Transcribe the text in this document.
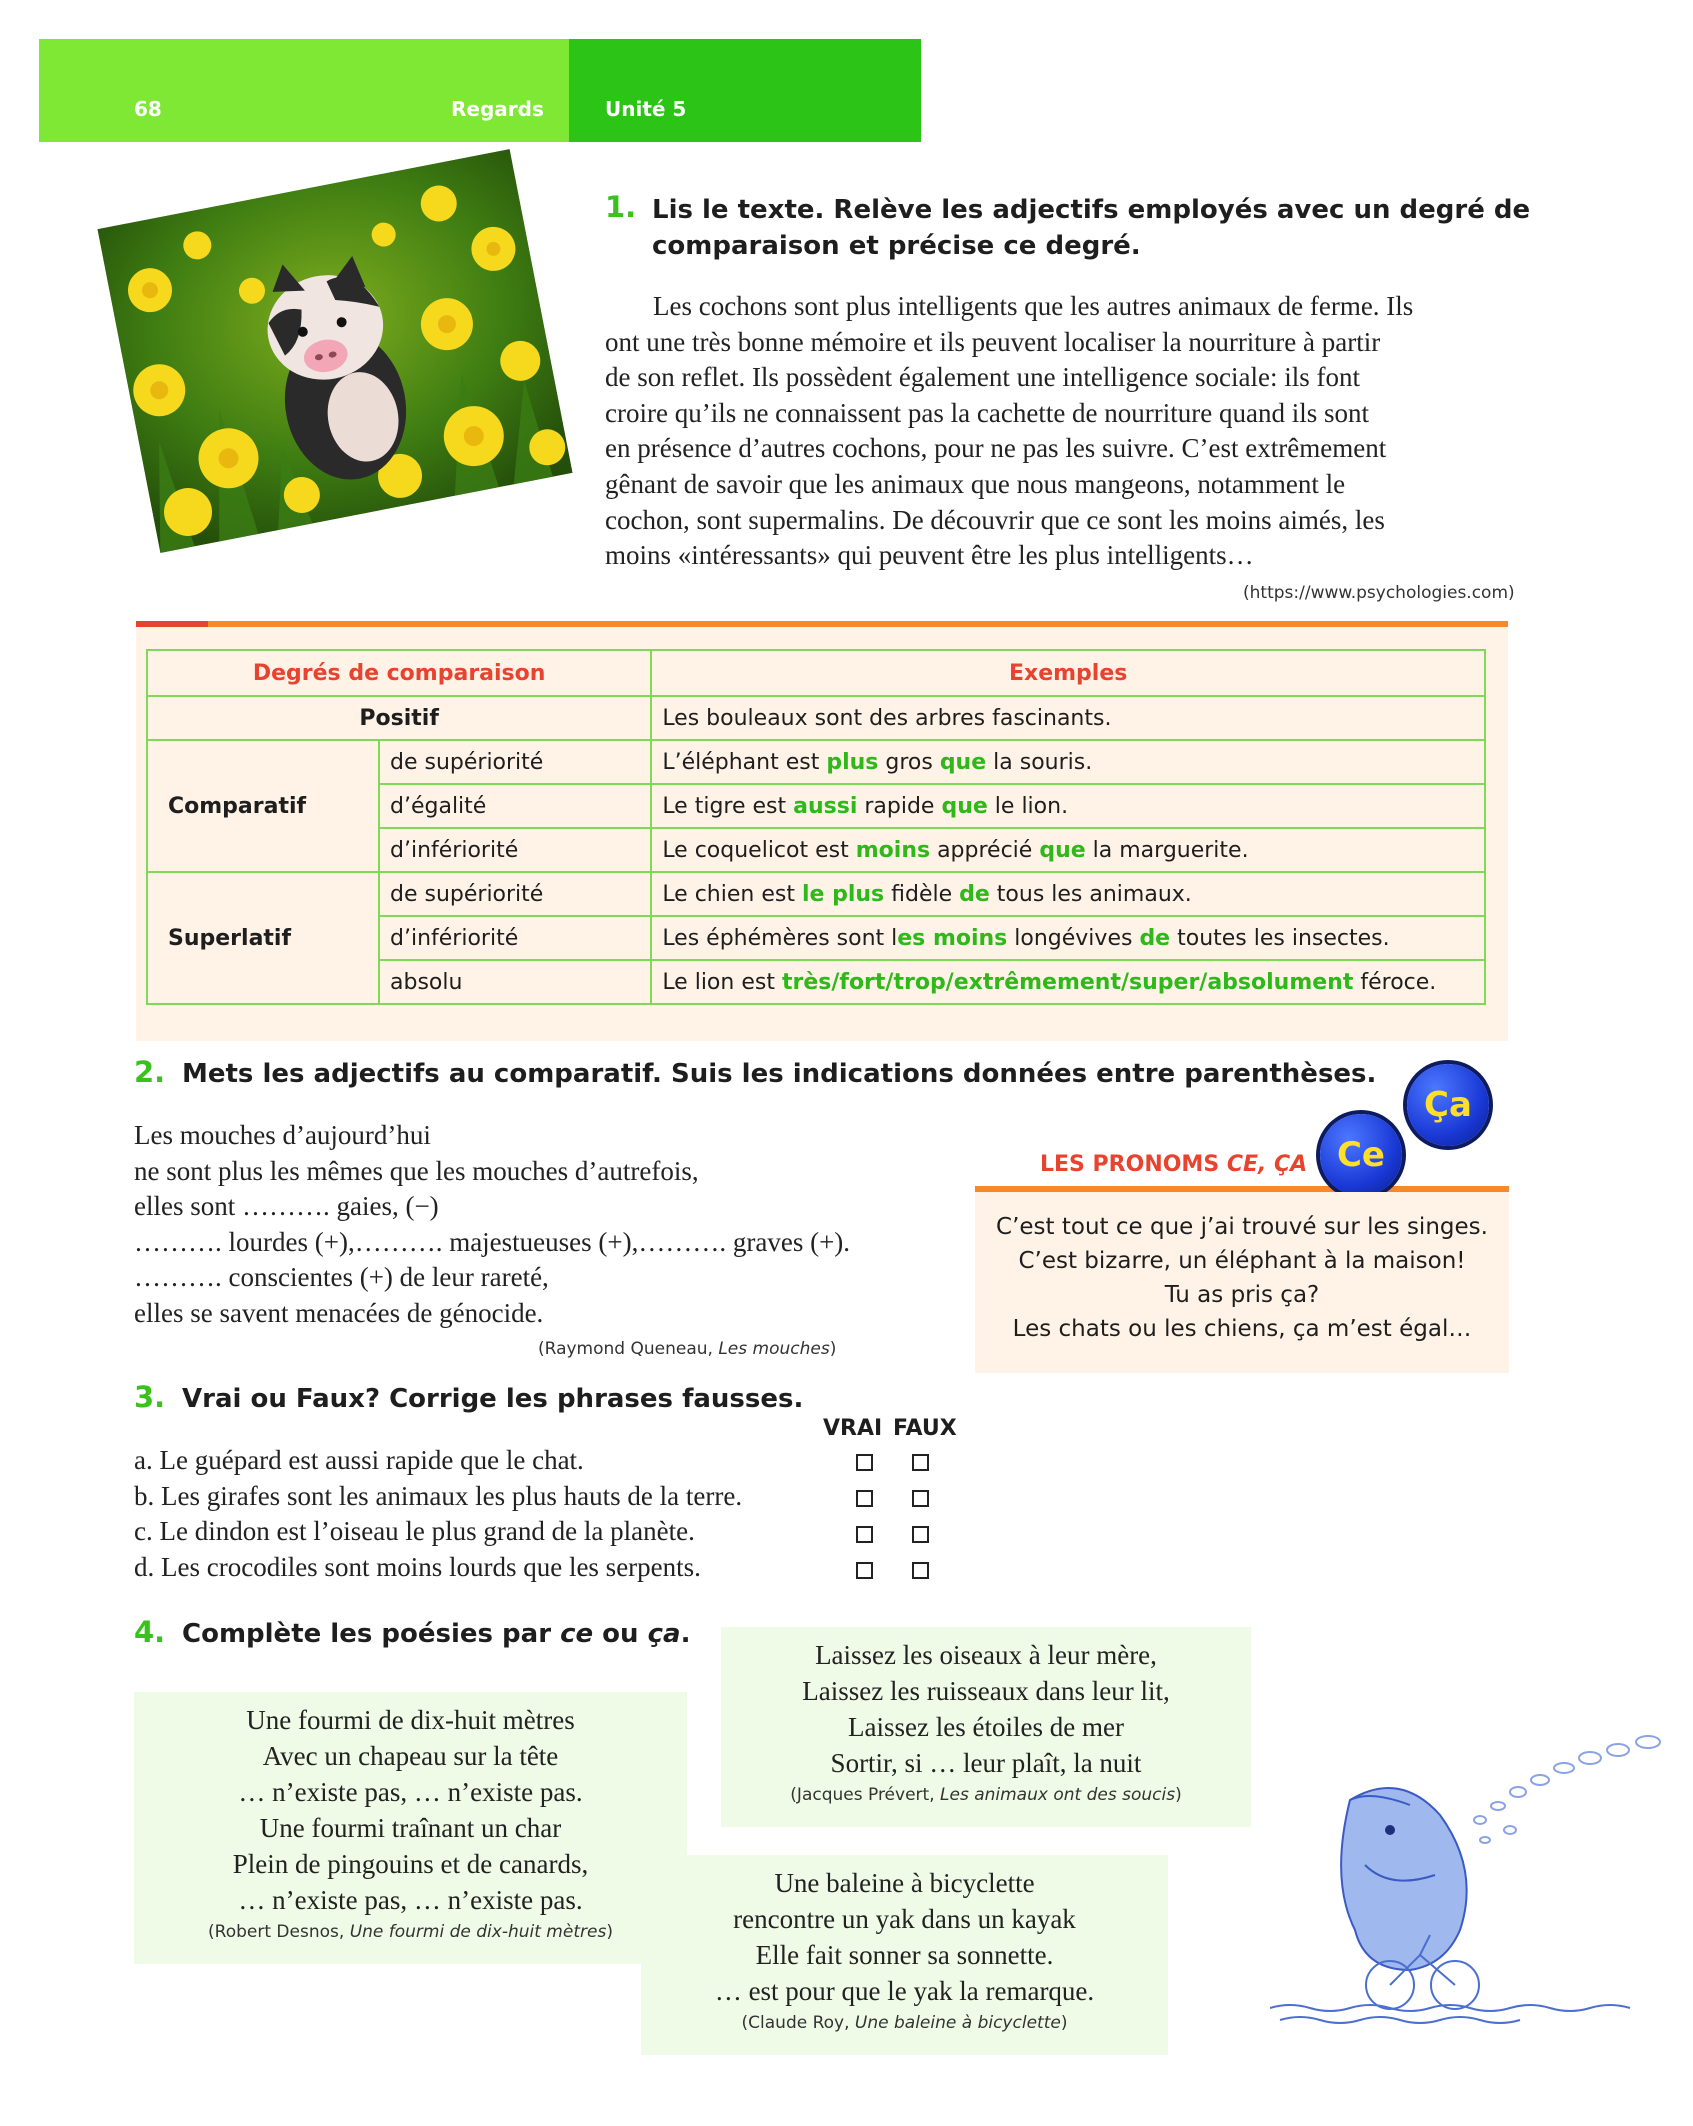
68	Regards	Unité 5
1. Lis le texte. Relève les adjectifs employés avec un degré de
comparaison et précise ce degré.
Les cochons sont plus intelligents que les autres animaux de ferme. Ils
ont une très bonne mémoire et ils peuvent localiser la nourriture à partir
de son reflet. Ils possèdent également une intelligence sociale: ils font
croire qu’ils ne connaissent pas la cachette de nourriture quand ils sont
en présence d’autres cochons, pour ne pas les suivre. C’est extrêmement
gênant de savoir que les animaux que nous mangeons, notamment le
cochon, sont supermalins. De découvrir que ce sont les moins aimés, les
moins «intéressants» qui peuvent être les plus intelligents…
(https://www.psychologies.com)
Degrés de comparaison		Exemples
Positif		Les bouleaux sont des arbres fascinants.
Comparatif	de supériorité	L’éléphant est plus gros que la souris.
	d’égalité	Le tigre est aussi rapide que le lion.
	d’infériorité	Le coquelicot est moins apprécié que la marguerite.
Superlatif	de supériorité	Le chien est le plus fidèle de tous les animaux.
	d’infériorité	Les éphémères sont les moins longévives de toutes les insectes.
	absolu	Le lion est très/fort/trop/extrêmement/super/absolument féroce.
2. Mets les adjectifs au comparatif. Suis les indications données entre parenthèses.
Les mouches d’aujourd’hui
ne sont plus les mêmes que les mouches d’autrefois,
elles sont ………. gaies, (−)
………. lourdes (+),………. majestueuses (+),………. graves (+).
………. conscientes (+) de leur rareté,
elles se savent menacées de génocide.
(Raymond Queneau, Les mouches)
LES PRONOMS CE, ÇA
Ça
Ce
C’est tout ce que j’ai trouvé sur les singes.
C’est bizarre, un éléphant à la maison!
Tu as pris ça?
Les chats ou les chiens, ça m’est égal…
3. Vrai ou Faux? Corrige les phrases fausses.
VRAI FAUX
a. Le guépard est aussi rapide que le chat.
b. Les girafes sont les animaux les plus hauts de la terre.
c. Le dindon est l’oiseau le plus grand de la planète.
d. Les crocodiles sont moins lourds que les serpents.
4. Complète les poésies par ce ou ça.
Une fourmi de dix-huit mètres
Avec un chapeau sur la tête
… n’existe pas, … n’existe pas.
Une fourmi traînant un char
Plein de pingouins et de canards,
… n’existe pas, … n’existe pas.
(Robert Desnos, Une fourmi de dix-huit mètres)
Laissez les oiseaux à leur mère,
Laissez les ruisseaux dans leur lit,
Laissez les étoiles de mer
Sortir, si … leur plaît, la nuit
(Jacques Prévert, Les animaux ont des soucis)
Une baleine à bicyclette
rencontre un yak dans un kayak
Elle fait sonner sa sonnette.
… est pour que le yak la remarque.
(Claude Roy, Une baleine à bicyclette)
